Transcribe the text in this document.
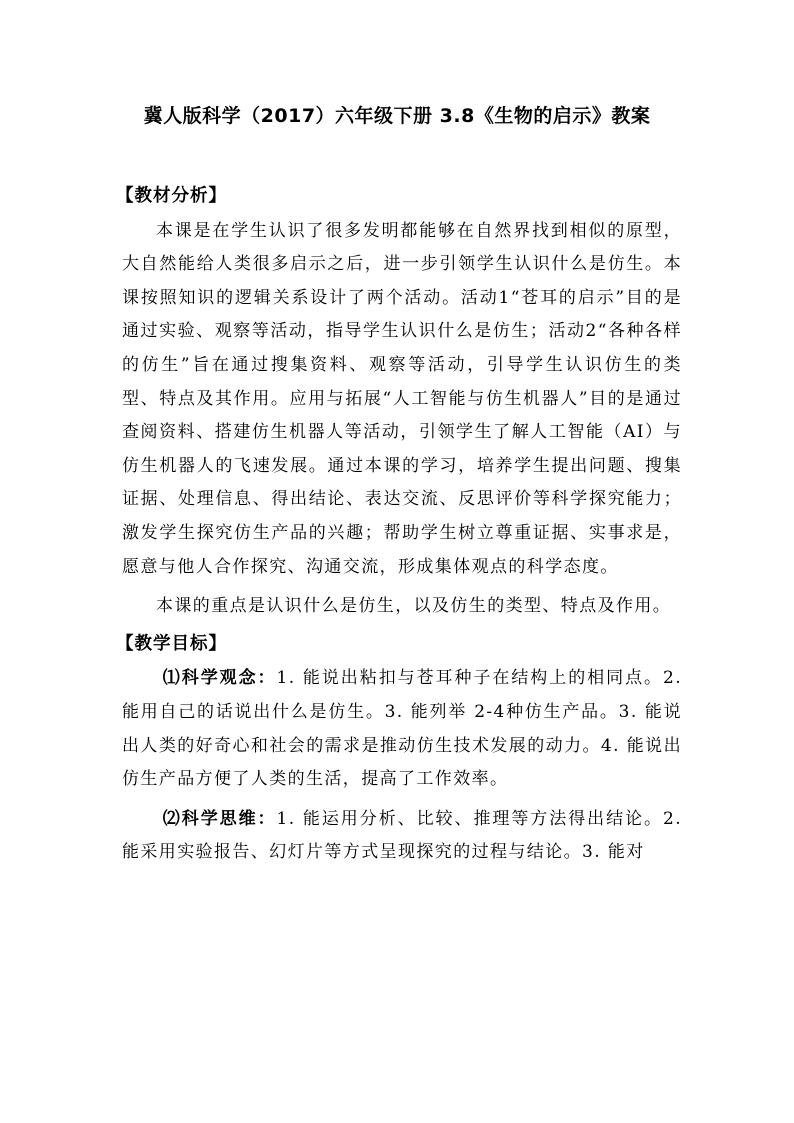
冀人版科学（2017）六年级下册 3.8《生物的启示》教案
【教材分析】

本课是在学生认识了很多发明都能够在自然界找到相似的原型，大自然能给人类很多启示之后，进一步引领学生认识什么是仿生。本课按照知识的逻辑关系设计了两个活动。活动1“苍耳的启示”目的是通过实验、观察等活动，指导学生认识什么是仿生；活动2“各种各样的仿生”旨在通过搜集资料、观察等活动，引导学生认识仿生的类型、特点及其作用。应用与拓展“人工智能与仿生机器人”目的是通过查阅资料、搭建仿生机器人等活动，引领学生了解人工智能（AI）与仿生机器人的飞速发展。通过本课的学习，培养学生提出问题、搜集证据、处理信息、得出结论、表达交流、反思评价等科学探究能力；激发学生探究仿生产品的兴趣；帮助学生树立尊重证据、实事求是，愿意与他人合作探究、沟通交流，形成集体观点的科学态度。

本课的重点是认识什么是仿生，以及仿生的类型、特点及作用。

【教学目标】

⑴科学观念：1. 能说出粘扣与苍耳种子在结构上的相同点。2. 能用自己的话说出什么是仿生。3. 能列举 2-4种仿生产品。3. 能说出人类的好奇心和社会的需求是推动仿生技术发展的动力。4. 能说出仿生产品方便了人类的生活，提高了工作效率。

⑵科学思维：1. 能运用分析、比较、推理等方法得出结论。2. 能采用实验报告、幻灯片等方式呈现探究的过程与结论。3. 能对
